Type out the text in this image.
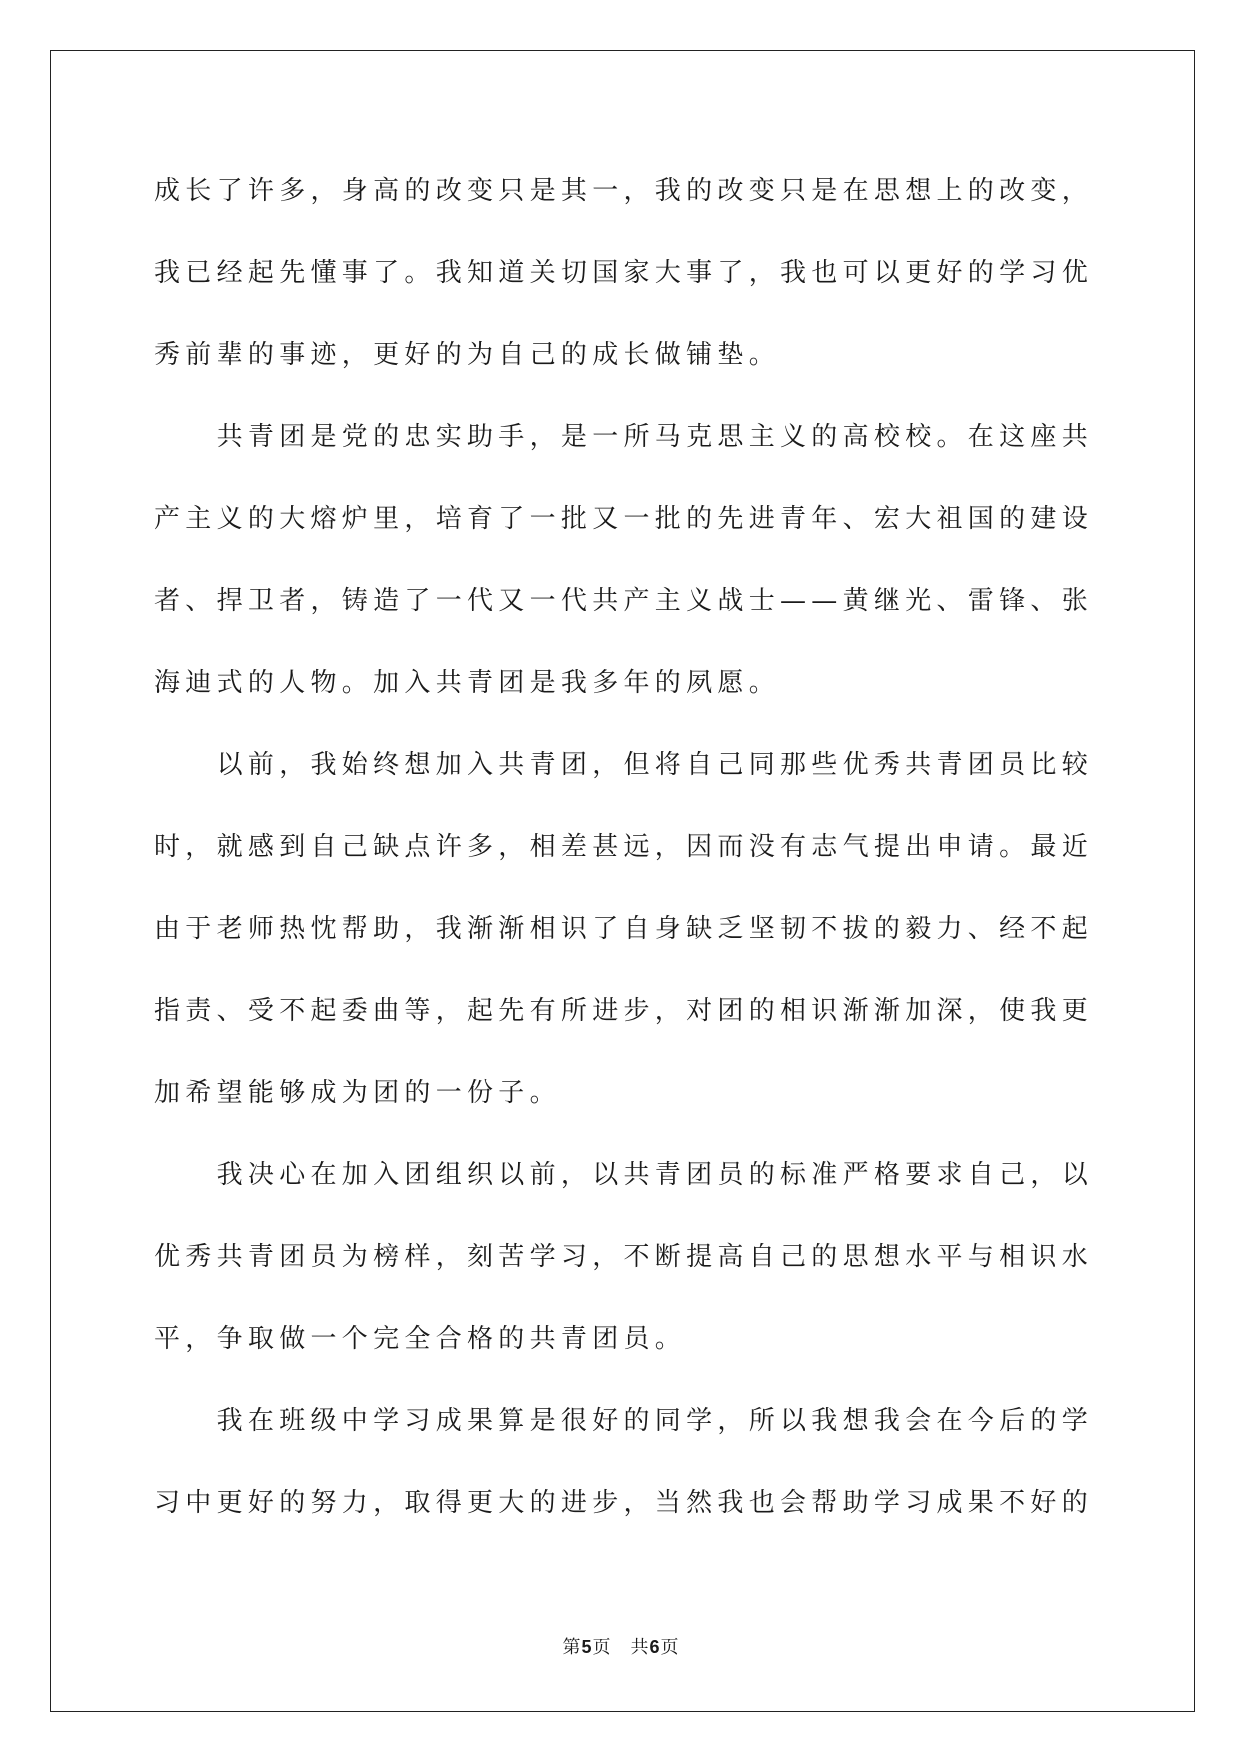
成长了许多，身高的改变只是其一，我的改变只是在思想上的改变，
我已经起先懂事了。我知道关切国家大事了，我也可以更好的学习优
秀前辈的事迹，更好的为自己的成长做铺垫。
共青团是党的忠实助手，是一所马克思主义的高校校。在这座共
产主义的大熔炉里，培育了一批又一批的先进青年、宏大祖国的建设
者、捍卫者，铸造了一代又一代共产主义战士——黄继光、雷锋、张
海迪式的人物。加入共青团是我多年的夙愿。
以前，我始终想加入共青团，但将自己同那些优秀共青团员比较
时，就感到自己缺点许多，相差甚远，因而没有志气提出申请。最近
由于老师热忱帮助，我渐渐相识了自身缺乏坚韧不拔的毅力、经不起
指责、受不起委曲等，起先有所进步，对团的相识渐渐加深，使我更
加希望能够成为团的一份子。
我决心在加入团组织以前，以共青团员的标准严格要求自己，以
优秀共青团员为榜样，刻苦学习，不断提高自己的思想水平与相识水
平，争取做一个完全合格的共青团员。
我在班级中学习成果算是很好的同学，所以我想我会在今后的学
习中更好的努力，取得更大的进步，当然我也会帮助学习成果不好的
第5页 共6页
